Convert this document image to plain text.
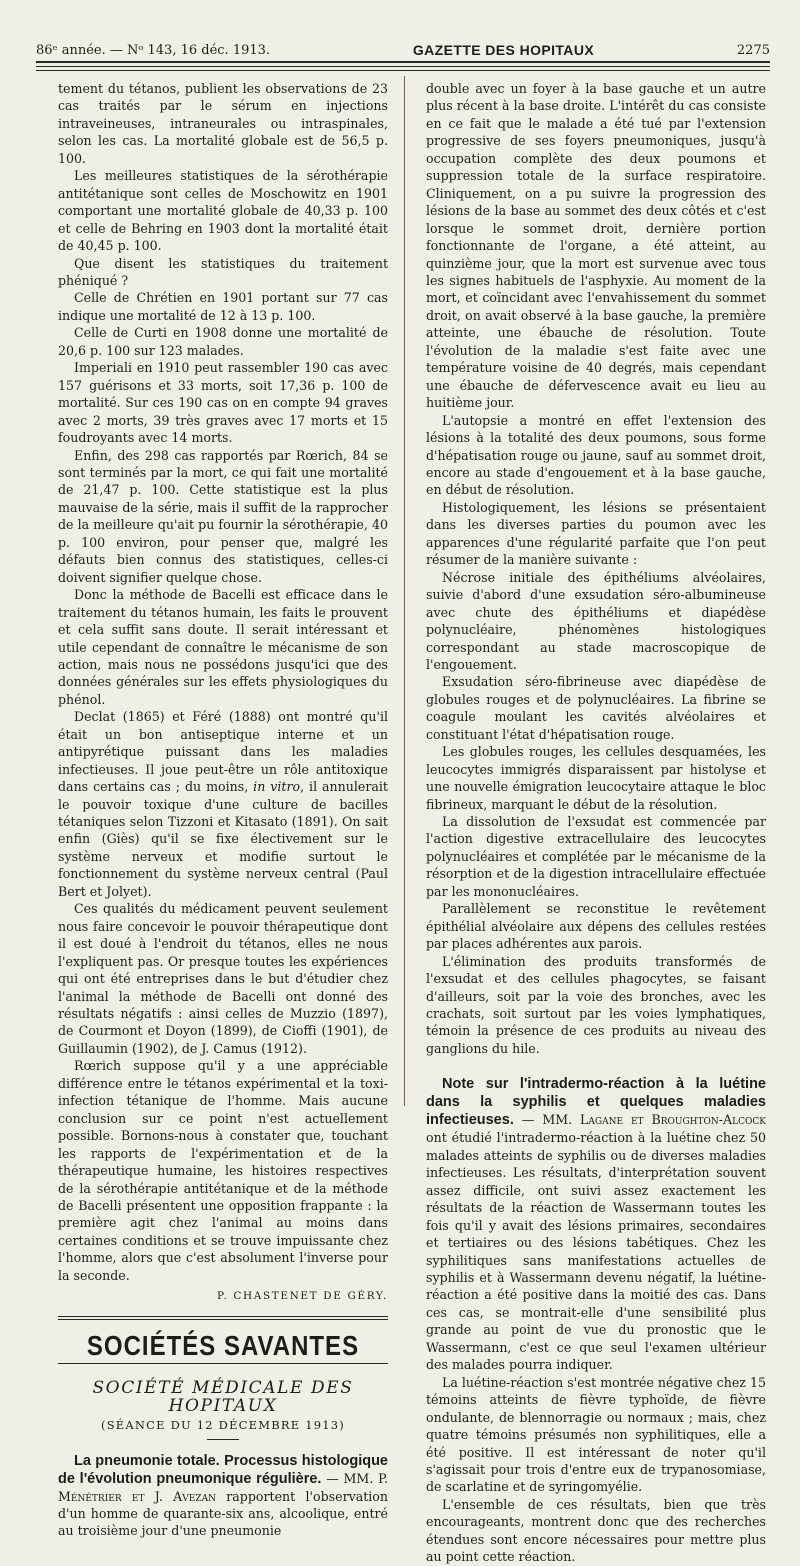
86ᵉ année. — Nᵒ 143, 16 déc. 1913.	GAZETTE DES HOPITAUX	2275

tement du tétanos, publient les observations de 23 cas traités par le sérum en injections intraveineuses, intraneurales ou intraspinales, selon les cas. La mortalité globale est de 56,5 p. 100.

Les meilleures statistiques de la sérothérapie antitétanique sont celles de Moschowitz en 1901 comportant une mortalité globale de 40,33 p. 100 et celle de Behring en 1903 dont la mortalité était de 40,45 p. 100.

Que disent les statistiques du traitement phéniqué ?

Celle de Chrétien en 1901 portant sur 77 cas indique une mortalité de 12 à 13 p. 100.

Celle de Curti en 1908 donne une mortalité de 20,6 p. 100 sur 123 malades.

Imperiali en 1910 peut rassembler 190 cas avec 157 guérisons et 33 morts, soit 17,36 p. 100 de mortalité. Sur ces 190 cas on en compte 94 graves avec 2 morts, 39 très graves avec 17 morts et 15 foudroyants avec 14 morts.

Enfin, des 298 cas rapportés par Rœrich, 84 se sont terminés par la mort, ce qui fait une mortalité de 21,47 p. 100. Cette statistique est la plus mauvaise de la série, mais il suffit de la rapprocher de la meilleure qu'ait pu fournir la sérothérapie, 40 p. 100 environ, pour penser que, malgré les défauts bien connus des statistiques, celles-ci doivent signifier quelque chose.

Donc la méthode de Bacelli est efficace dans le traitement du tétanos humain, les faits le prouvent et cela suffit sans doute. Il serait intéressant et utile cependant de connaître le mécanisme de son action, mais nous ne possédons jusqu'ici que des données générales sur les effets physiologiques du phénol.

Declat (1865) et Féré (1888) ont montré qu'il était un bon antiseptique interne et un antipyrétique puissant dans les maladies infectieuses. Il joue peut-être un rôle antitoxique dans certains cas ; du moins, in vitro, il annulerait le pouvoir toxique d'une culture de bacilles tétaniques selon Tizzoni et Kitasato (1891). On sait enfin (Giès) qu'il se fixe électivement sur le système nerveux et modifie surtout le fonctionnement du système nerveux central (Paul Bert et Jolyet).

Ces qualités du médicament peuvent seulement nous faire concevoir le pouvoir thérapeutique dont il est doué à l'endroit du tétanos, elles ne nous l'expliquent pas. Or presque toutes les expériences qui ont été entreprises dans le but d'étudier chez l'animal la méthode de Bacelli ont donné des résultats négatifs : ainsi celles de Muzzio (1897), de Courmont et Doyon (1899), de Cioffi (1901), de Guillaumin (1902), de J. Camus (1912).

Rœrich suppose qu'il y a une appréciable différence entre le tétanos expérimental et la toxi-infection tétanique de l'homme. Mais aucune conclusion sur ce point n'est actuellement possible. Bornons-nous à constater que, touchant les rapports de l'expérimentation et de la thérapeutique humaine, les histoires respectives de la sérothérapie antitétanique et de la méthode de Bacelli présentent une opposition frappante : la première agit chez l'animal au moins dans certaines conditions et se trouve impuissante chez l'homme, alors que c'est absolument l'inverse pour la seconde.

P. CHASTENET DE GÉRY.

SOCIÉTÉS SAVANTES
SOCIÉTÉ MÉDICALE DES HOPITAUX
(SÉANCE DU 12 DÉCEMBRE 1913)

La pneumonie totale. Processus histologique de l'évolution pneumonique régulière. — MM. P. Ménétrier et J. Avezan rapportent l'observation d'un homme de quarante-six ans, alcoolique, entré au troisième jour d'une pneumonie

double avec un foyer à la base gauche et un autre plus récent à la base droite. L'intérêt du cas consiste en ce fait que le malade a été tué par l'extension progressive de ses foyers pneumoniques, jusqu'à occupation complète des deux poumons et suppression totale de la surface respiratoire. Cliniquement, on a pu suivre la progression des lésions de la base au sommet des deux côtés et c'est lorsque le sommet droit, dernière portion fonctionnante de l'organe, a été atteint, au quinzième jour, que la mort est survenue avec tous les signes habituels de l'asphyxie. Au moment de la mort, et coïncidant avec l'envahissement du sommet droit, on avait observé à la base gauche, la première atteinte, une ébauche de résolution. Toute l'évolution de la maladie s'est faite avec une température voisine de 40 degrés, mais cependant une ébauche de défervescence avait eu lieu au huitième jour.

L'autopsie a montré en effet l'extension des lésions à la totalité des deux poumons, sous forme d'hépatisation rouge ou jaune, sauf au sommet droit, encore au stade d'engouement et à la base gauche, en début de résolution.

Histologiquement, les lésions se présentaient dans les diverses parties du poumon avec les apparences d'une régularité parfaite que l'on peut résumer de la manière suivante :

Nécrose initiale des épithéliums alvéolaires, suivie d'abord d'une exsudation séro-albumineuse avec chute des épithéliums et diapédèse polynucléaire, phénomènes histologiques correspondant au stade macroscopique de l'engouement.

Exsudation séro-fibrineuse avec diapédèse de globules rouges et de polynucléaires. La fibrine se coagule moulant les cavités alvéolaires et constituant l'état d'hépatisation rouge.

Les globules rouges, les cellules desquamées, les leucocytes immigrés disparaissent par histolyse et une nouvelle émigration leucocytaire attaque le bloc fibrineux, marquant le début de la résolution.

La dissolution de l'exsudat est commencée par l'action digestive extracellulaire des leucocytes polynucléaires et complétée par le mécanisme de la résorption et de la digestion intracellulaire effectuée par les mononucléaires.

Parallèlement se reconstitue le revêtement épithélial alvéolaire aux dépens des cellules restées par places adhérentes aux parois.

L'élimination des produits transformés de l'exsudat et des cellules phagocytes, se faisant d'ailleurs, soit par la voie des bronches, avec les crachats, soit surtout par les voies lymphatiques, témoin la présence de ces produits au niveau des ganglions du hile.

Note sur l'intradermo-réaction à la luétine dans la syphilis et quelques maladies infectieuses. — MM. Lagane et Broughton-Alcock ont étudié l'intradermo-réaction à la luétine chez 50 malades atteints de syphilis ou de diverses maladies infectieuses. Les résultats, d'interprétation souvent assez difficile, ont suivi assez exactement les résultats de la réaction de Wassermann toutes les fois qu'il y avait des lésions primaires, secondaires et tertiaires ou des lésions tabétiques. Chez les syphilitiques sans manifestations actuelles de syphilis et à Wassermann devenu négatif, la luétine-réaction a été positive dans la moitié des cas. Dans ces cas, se montrait-elle d'une sensibilité plus grande au point de vue du pronostic que le Wassermann, c'est ce que seul l'examen ultérieur des malades pourra indiquer.

La luétine-réaction s'est montrée négative chez 15 témoins atteints de fièvre typhoïde, de fièvre ondulante, de blennorragie ou normaux ; mais, chez quatre témoins présumés non syphilitiques, elle a été positive. Il est intéressant de noter qu'il s'agissait pour trois d'entre eux de trypanosomiase, de scarlatine et de syringomyélie.

L'ensemble de ces résultats, bien que très encourageants, montrent donc que des recherches étendues sont encore nécessaires pour mettre plus au point cette réaction.
